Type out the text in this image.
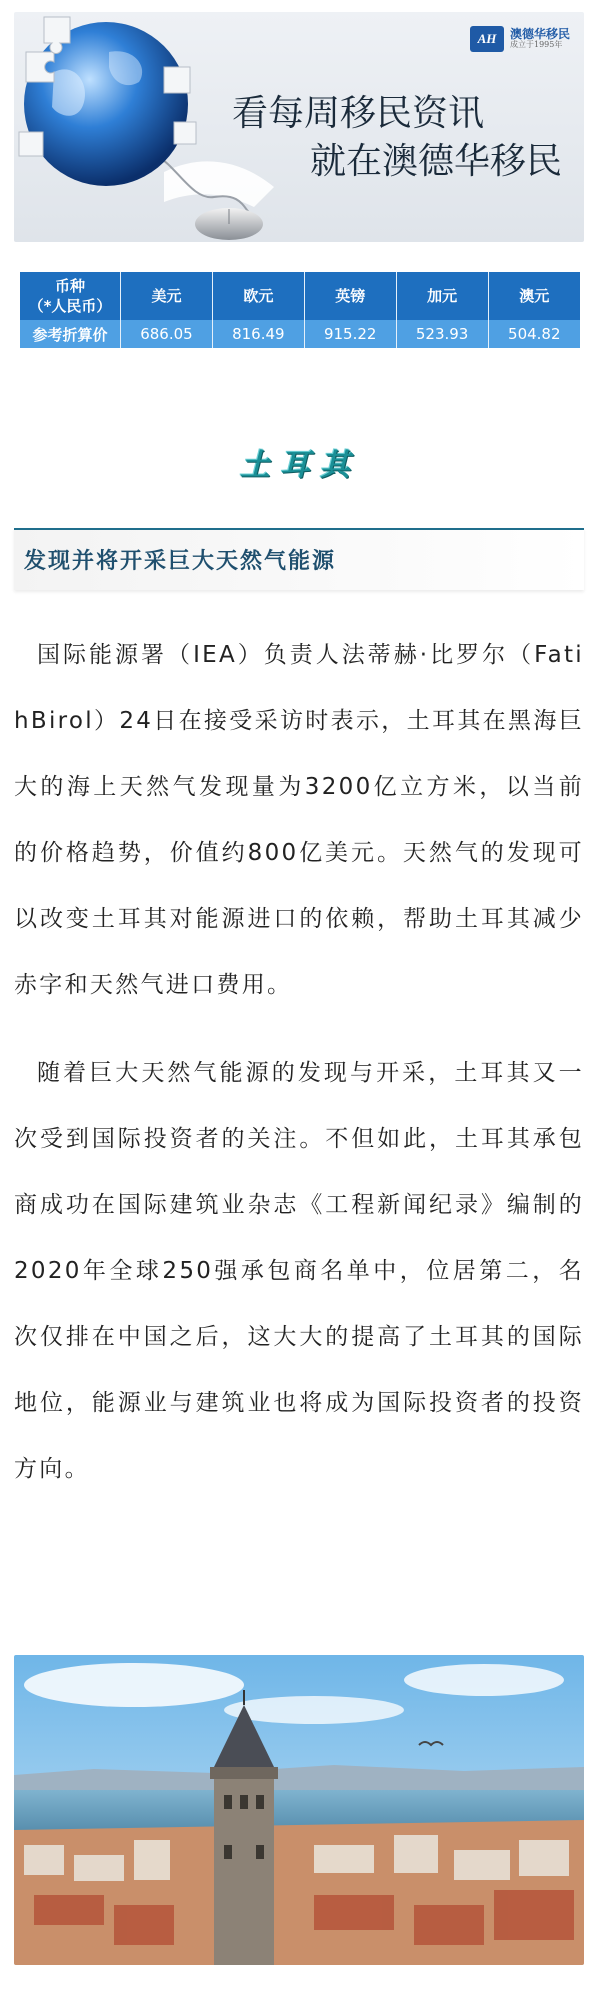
AH	澳德华移民
成立于1995年
看每周移民资讯
就在澳德华移民
币种
（*人民币）	美元	欧元	英镑	加元	澳元
参考折算价	686.05	816.49	915.22	523.93	504.82
土耳其
发现并将开采巨大天然气能源

国际能源署（IEA）负责人法蒂赫·比罗尔（FatihBirol）24日在接受采访时表示，土耳其在黑海巨大的海上天然气发现量为3200亿立方米，以当前的价格趋势，价值约800亿美元。天然气的发现可以改变土耳其对能源进口的依赖，帮助土耳其减少赤字和天然气进口费用。

随着巨大天然气能源的发现与开采，土耳其又一次受到国际投资者的关注。不但如此，土耳其承包商成功在国际建筑业杂志《工程新闻纪录》编制的2020年全球250强承包商名单中，位居第二，名次仅排在中国之后，这大大的提高了土耳其的国际地位，能源业与建筑业也将成为国际投资者的投资方向。
